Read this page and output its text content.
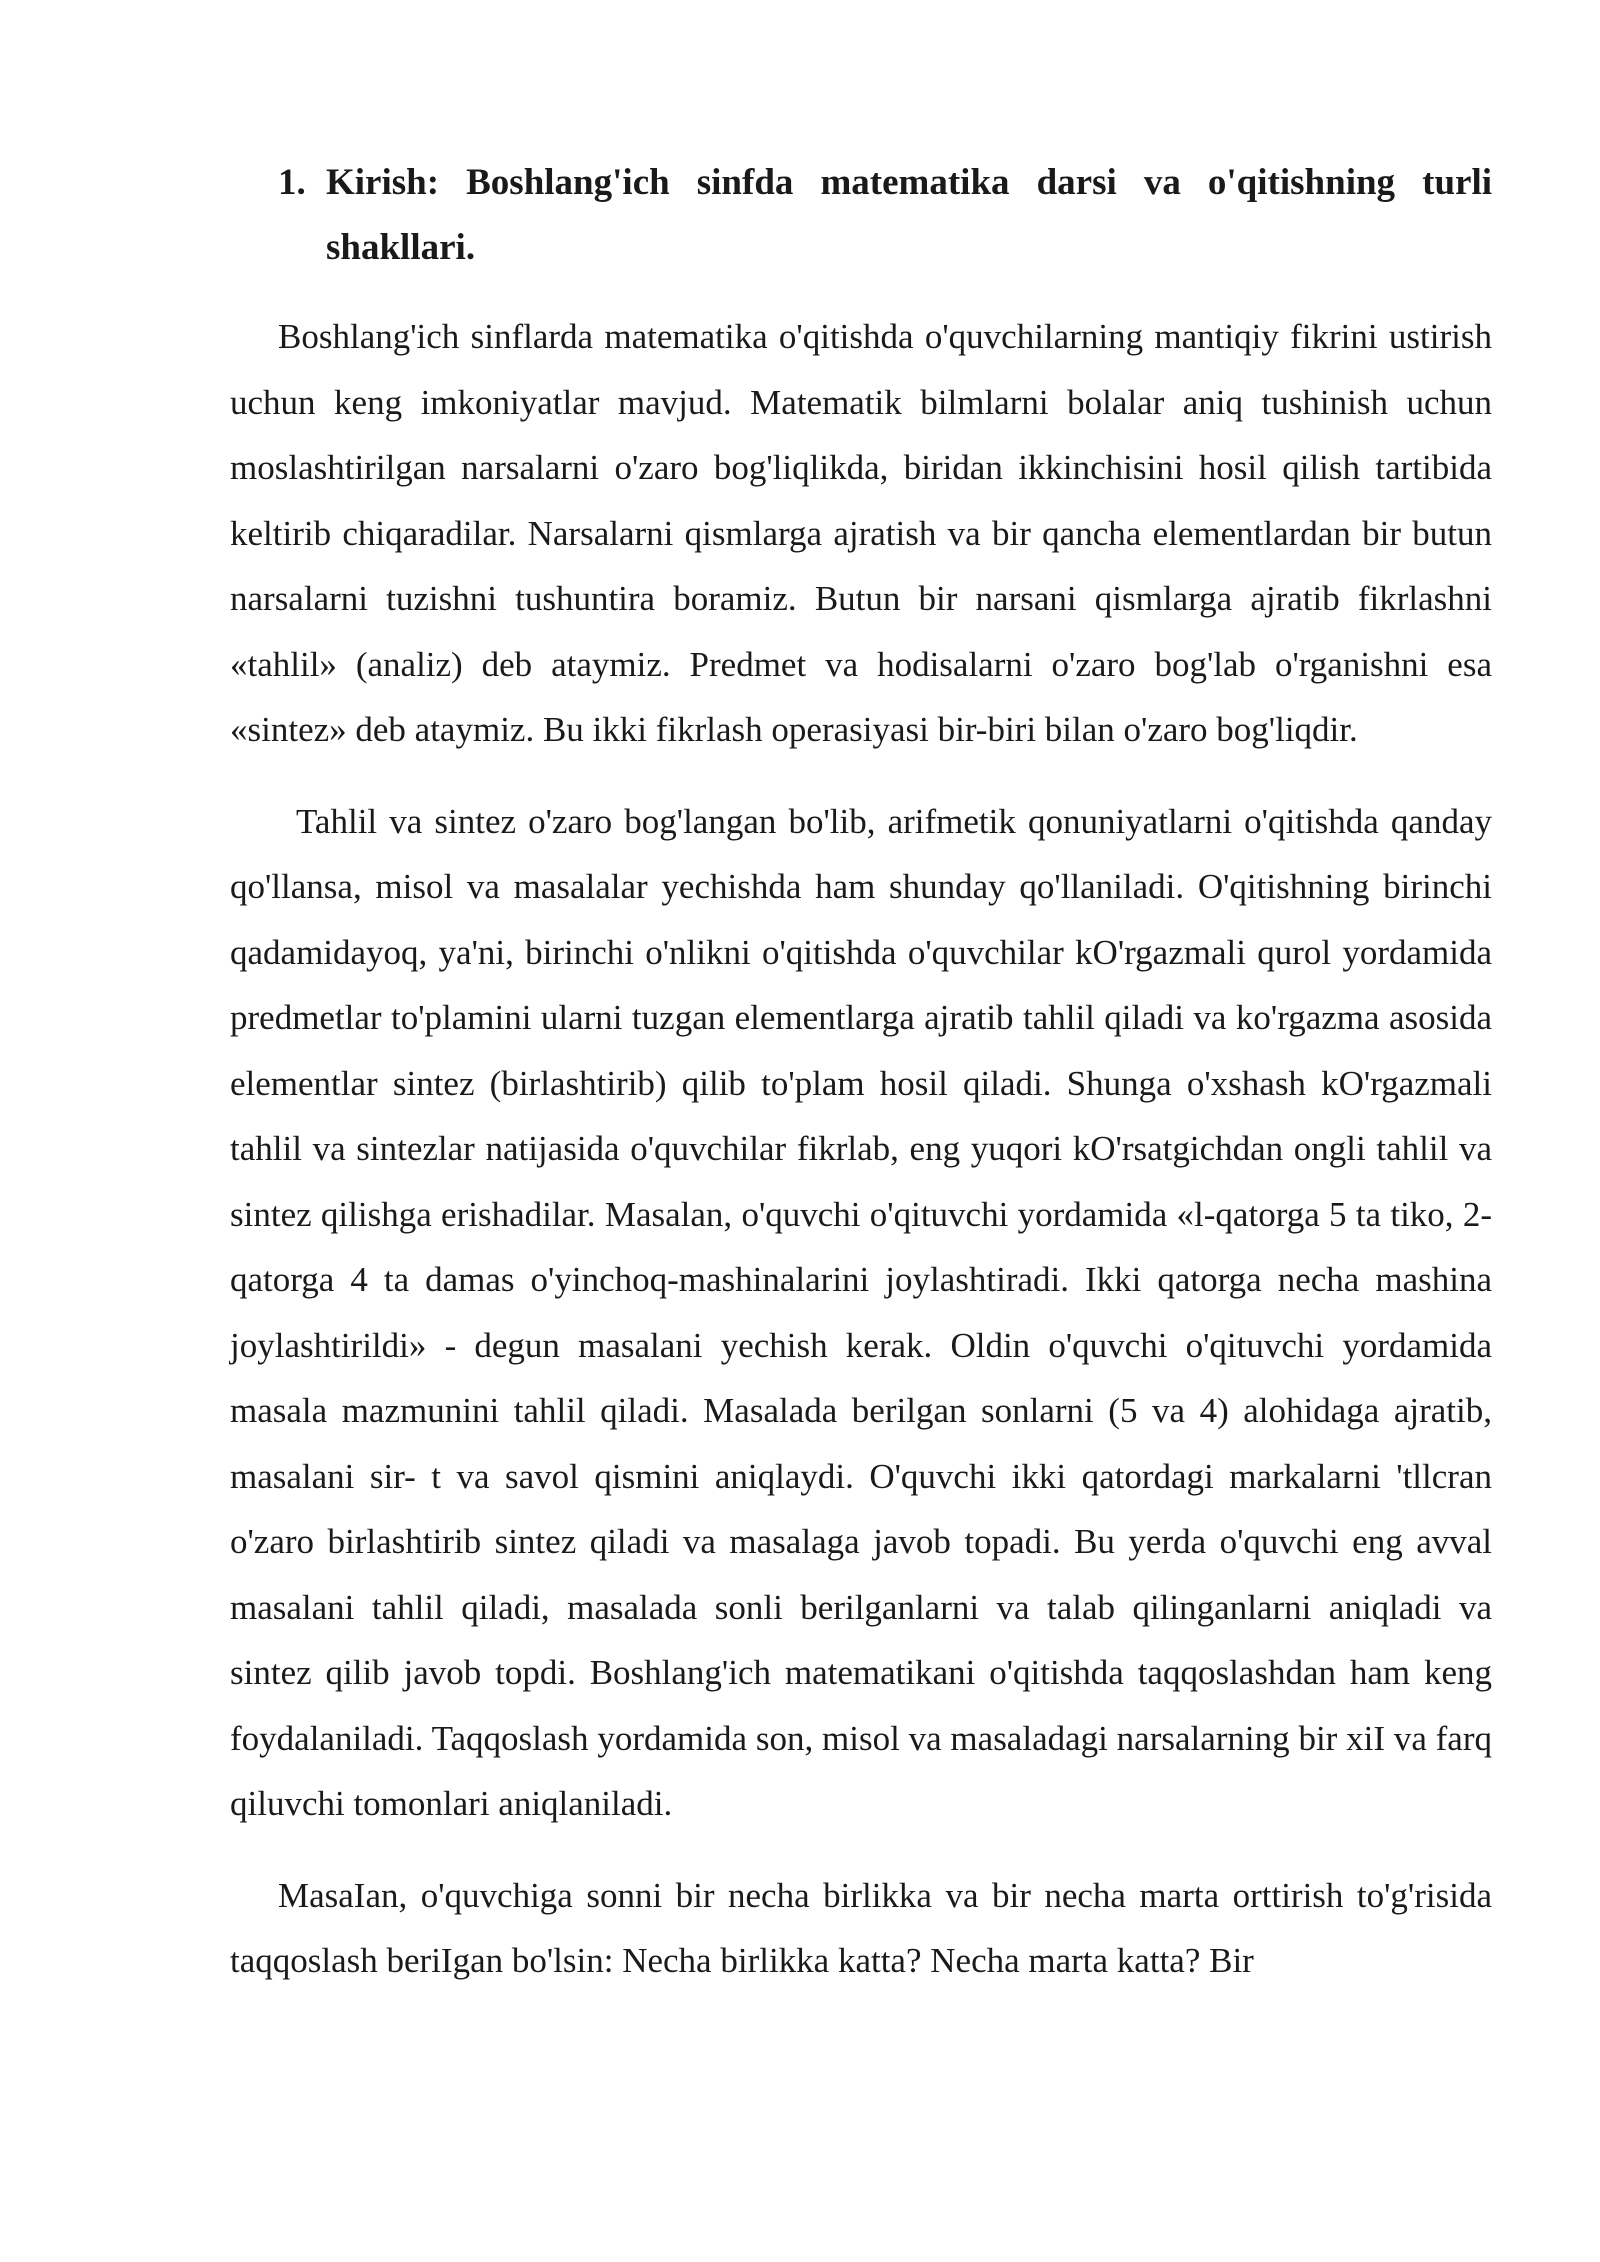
1. Kirish: Boshlang'ich sinfda matematika darsi va o'qitishning turli shakllari.

Boshlang'ich sinflarda matematika o'qitishda o'quvchilarning mantiqiy fikrini ustirish uchun keng imkoniyatlar mavjud. Matematik bilmlarni bolalar aniq tushinish uchun moslashtirilgan narsalarni o'zaro bog'liqlikda, biridan ikkinchisini hosil qilish tartibida keltirib chiqaradilar. Narsalarni qismlarga ajratish va bir qancha elementlardan bir butun narsalarni tuzishni tushuntira boramiz. Butun bir narsani qismlarga ajratib fikrlashni «tahlil» (analiz) deb ataymiz. Predmet va hodisalarni o'zaro bog'lab o'rganishni esa «sintez» deb ataymiz. Bu ikki fikrlash operasiyasi bir-biri bilan o'zaro bog'liqdir.

Tahlil va sintez o'zaro bog'langan bo'lib, arifmetik qonuniyatlarni o'qitishda qanday qo'llansa, misol va masalalar yechishda ham shunday qo'llaniladi. O'qitishning birinchi qadamidayoq, ya'ni, birinchi o'nlikni o'qitishda o'quvchilar kO'rgazmali qurol yordamida predmetlar to'plamini ularni tuzgan elementlarga ajratib tahlil qiladi va ko'rgazma asosida elementlar sintez (birlashtirib) qilib to'plam hosil qiladi. Shunga o'xshash kO'rgazmali tahlil va sintezlar natijasida o'quvchilar fikrlab, eng yuqori kO'rsatgichdan ongli tahlil va sintez qilishga erishadilar. Masalan, o'quvchi o'qituvchi yordamida «l-qatorga 5 ta tiko, 2- qatorga 4 ta damas o'yinchoq-mashinalarini joylashtiradi. Ikki qatorga necha mashina joylashtirildi» - degun masalani yechish kerak. Oldin o'quvchi o'qituvchi yordamida masala mazmunini tahlil qiladi. Masalada berilgan sonlarni (5 va 4) alohidaga ajratib, masalani sir- t va savol qismini aniqlaydi. O'quvchi ikki qatordagi markalarni 'tllcran o'zaro birlashtirib sintez qiladi va masalaga javob topadi. Bu yerda o'quvchi eng avval masalani tahlil qiladi, masalada sonli berilganlarni va talab qilinganlarni aniqladi va sintez qilib javob topdi. Boshlang'ich matematikani o'qitishda taqqoslashdan ham keng foydalaniladi. Taqqoslash yordamida son, misol va masaladagi narsalarning bir xiI va farq qiluvchi tomonlari aniqlaniladi.

MasaIan, o'quvchiga sonni bir necha birlikka va bir necha marta orttirish to'g'risida taqqoslash beriIgan bo'lsin: Necha birlikka katta? Necha marta katta? Bir
